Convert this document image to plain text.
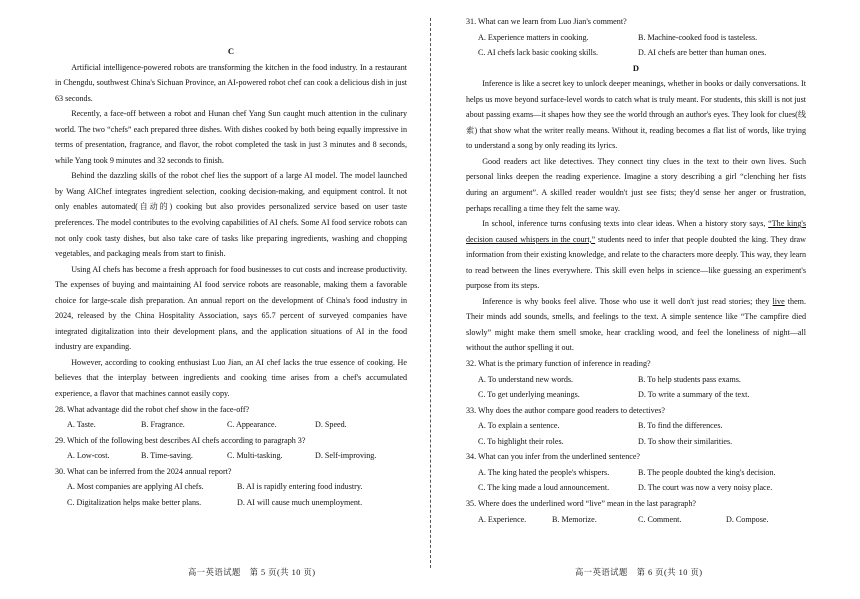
C

Artificial intelligence-powered robots are transforming the kitchen in the food industry. In a restaurant in Chengdu, southwest China's Sichuan Province, an AI-powered robot chef can cook a delicious dish in just 63 seconds.

Recently, a face-off between a robot and Hunan chef Yang Sun caught much attention in the culinary world. The two “chefs” each prepared three dishes. With dishes cooked by both being equally impressive in terms of presentation, fragrance, and flavor, the robot completed the task in just 3 minutes and 8 seconds, while Yang took 9 minutes and 32 seconds to finish.

Behind the dazzling skills of the robot chef lies the support of a large AI model. The model launched by Wang AIChef integrates ingredient selection, cooking decision-making, and equipment control. It not only enables automated(自动的) cooking but also provides personalized service based on user taste preferences. The model contributes to the evolving capabilities of AI chefs. Some AI food service robots can not only cook tasty dishes, but also take care of tasks like preparing ingredients, washing and chopping vegetables, and packaging meals from start to finish.

Using AI chefs has become a fresh approach for food businesses to cut costs and increase productivity. The expenses of buying and maintaining AI food service robots are reasonable, making them a favorable choice for large-scale dish preparation. An annual report on the development of China's food industry in 2024, released by the China Hospitality Association, says 65.7 percent of surveyed companies have integrated digitalization into their development plans, and the application situations of AI in the food industry are expanding.

However, according to cooking enthusiast Luo Jian, an AI chef lacks the true essence of cooking. He believes that the interplay between ingredients and cooking time arises from a chef's accumulated experience, a flavor that machines cannot easily copy.

28. What advantage did the robot chef show in the face-off?
A. Taste.	B. Fragrance.	C. Appearance.	D. Speed.
29. Which of the following best describes AI chefs according to paragraph 3?
A. Low-cost.	B. Time-saving.	C. Multi-tasking.	D. Self-improving.
30. What can be inferred from the 2024 annual report?
A. Most companies are applying AI chefs.	B. AI is rapidly entering food industry.
C. Digitalization helps make better plans.	D. AI will cause much unemployment.
31. What can we learn from Luo Jian's comment?
A. Experience matters in cooking.	B. Machine-cooked food is tasteless.
C. AI chefs lack basic cooking skills.	D. AI chefs are better than human ones.
D

Inference is like a secret key to unlock deeper meanings, whether in books or daily conversations. It helps us move beyond surface-level words to catch what is truly meant. For students, this skill is not just about passing exams—it shapes how they see the world through an author's eyes. They look for clues(线索) that show what the writer really means. Without it, reading becomes a flat list of words, like trying to understand a song by only reading its lyrics.

Good readers act like detectives. They connect tiny clues in the text to their own lives. Such personal links deepen the reading experience. Imagine a story describing a girl “clenching her fists during an argument”. A skilled reader wouldn't just see fists; they'd sense her anger or frustration, perhaps recalling a time they felt the same way.

In school, inference turns confusing texts into clear ideas. When a history story says, “The king's decision caused whispers in the court,” students need to infer that people doubted the king. They draw information from their existing knowledge, and relate to the characters more deeply. This way, they learn to read between the lines everywhere. This skill even helps in science—like guessing an experiment's purpose from its steps.

Inference is why books feel alive. Those who use it well don't just read stories; they live them. Their minds add sounds, smells, and feelings to the text. A simple sentence like “The campfire died slowly” might make them smell smoke, hear crackling wood, and feel the loneliness of night—all without the author spelling it out.

32. What is the primary function of inference in reading?
A. To understand new words.	B. To help students pass exams.
C. To get underlying meanings.	D. To write a summary of the text.
33. Why does the author compare good readers to detectives?
A. To explain a sentence.	B. To find the differences.
C. To highlight their roles.	D. To show their similarities.
34. What can you infer from the underlined sentence?
A. The king hated the people's whispers.	B. The people doubted the king's decision.
C. The king made a loud announcement.	D. The court was now a very noisy place.
35. Where does the underlined word “live” mean in the last paragraph?
A. Experience.	B. Memorize.	C. Comment.	D. Compose.
高一英语试题　第 5 页(共 10 页)	高一英语试题　第 6 页(共 10 页)
